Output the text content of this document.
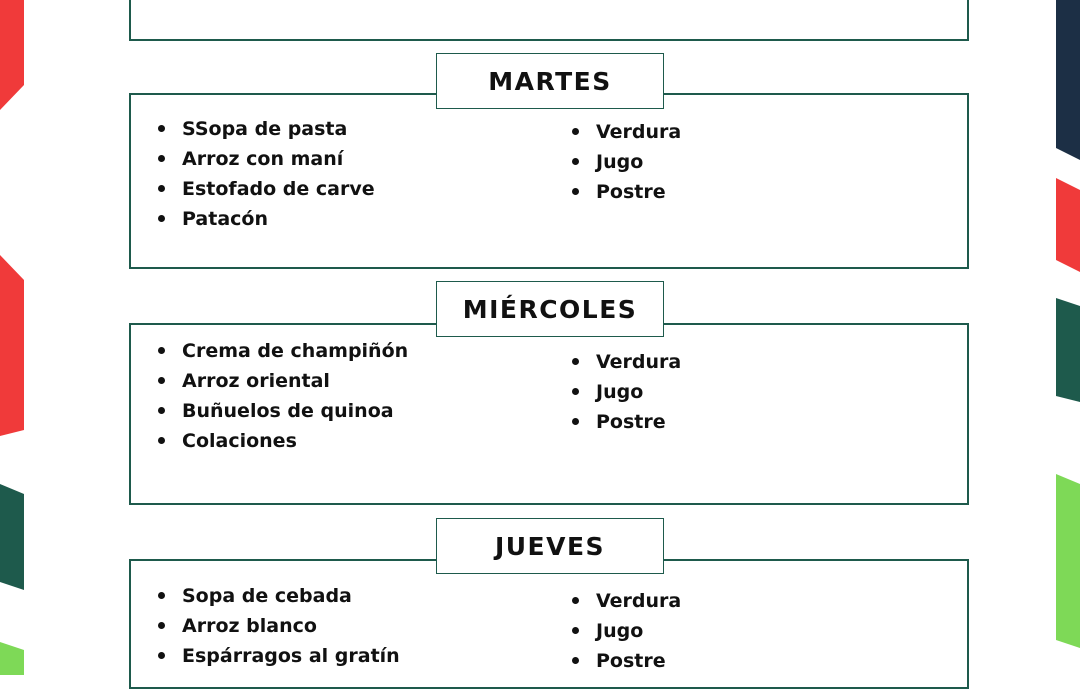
SSopa de pasta
Arroz con maní
Estofado de carve
Patacón
Verdura
Jugo
Postre
MARTES
Crema de champiñón
Arroz oriental
Buñuelos de quinoa
Colaciones
Verdura
Jugo
Postre
MIÉRCOLES
Sopa de cebada
Arroz blanco
Espárragos al gratín
Verdura
Jugo
Postre
JUEVES
